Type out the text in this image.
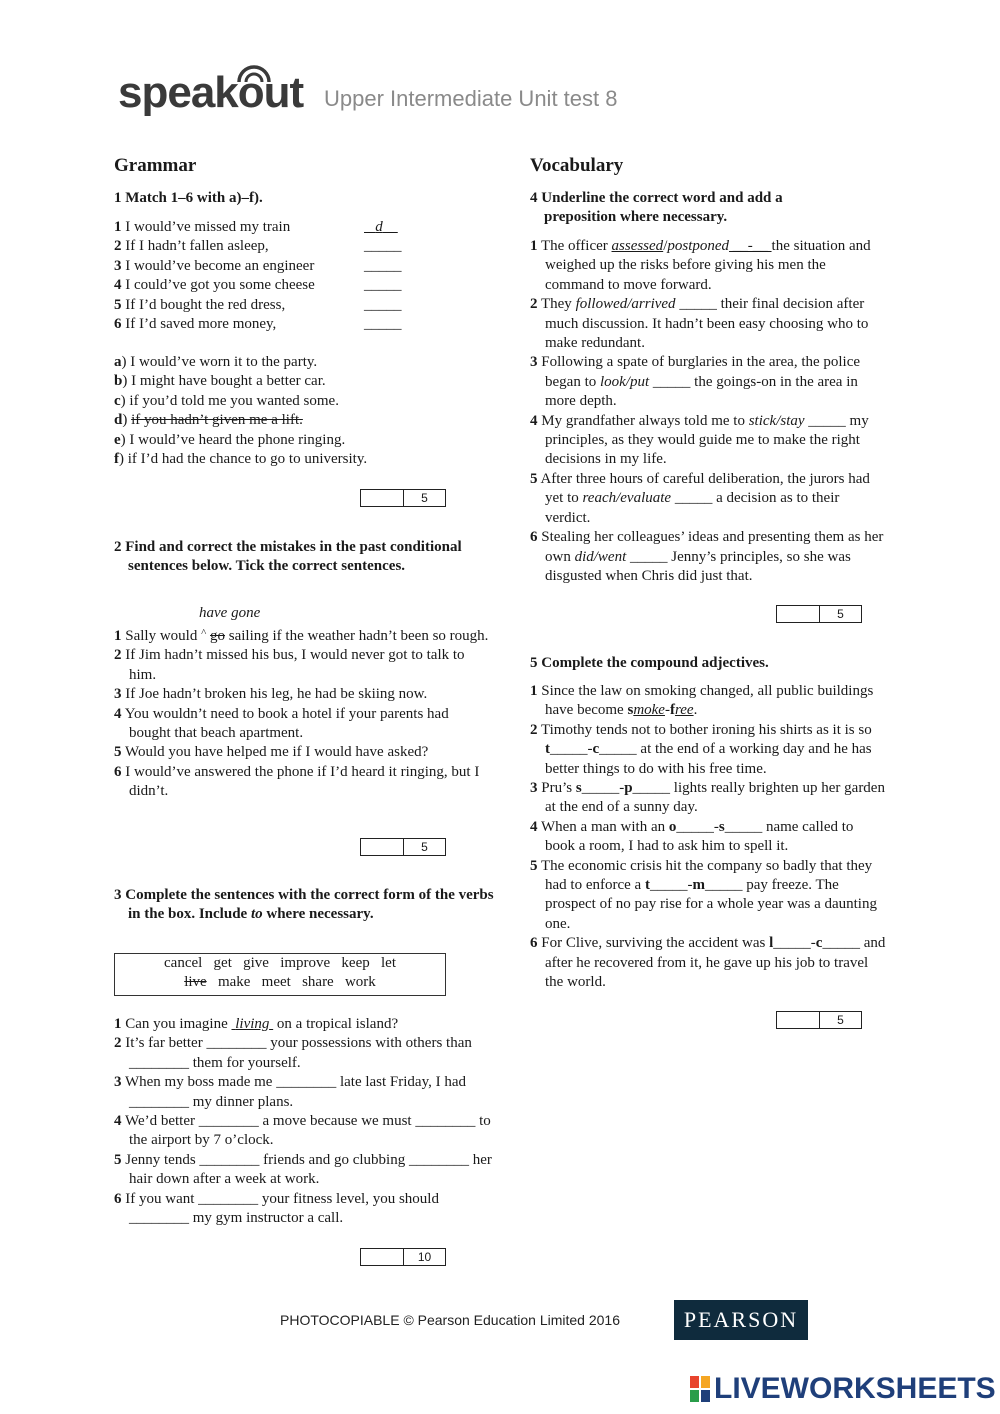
speakout Upper Intermediate Unit test 8
Grammar
1 Match 1–6 with a)–f).
1 I would’ve missed my train	d
2 If I hadn’t fallen asleep,	_____
3 I would’ve become an engineer	_____
4 I could’ve got you some cheese	_____
5 If I’d bought the red dress,	_____
6 If I’d saved more money,	_____
a) I would’ve worn it to the party.
b) I might have bought a better car.
c) if you’d told me you wanted some.
d) if you hadn’t given me a lift.
e) I would’ve heard the phone ringing.
f) if I’d had the chance to go to university.
5
2 Find and correct the mistakes in the past conditional sentences below. Tick the correct sentences.
have gone
1 Sally would ^ go sailing if the weather hadn’t been so rough.
2 If Jim hadn’t missed his bus, I would never got to talk to him.
3 If Joe hadn’t broken his leg, he had be skiing now.
4 You wouldn’t need to book a hotel if your parents had bought that beach apartment.
5 Would you have helped me if I would have asked?
6 I would’ve answered the phone if I’d heard it ringing, but I didn’t.
5
3 Complete the sentences with the correct form of the verbs in the box. Include to where necessary.
cancel   get   give   improve   keep   let
live   make   meet   share   work
1 Can you imagine  living  on a tropical island?
2 It’s far better ________ your possessions with others than ________ them for yourself.
3 When my boss made me ________ late last Friday, I had ________ my dinner plans.
4 We’d better ________ a move because we must ________ to the airport by 7 o’clock.
5 Jenny tends ________ friends and go clubbing ________ her hair down after a week at work.
6 If you want ________ your fitness level, you should ________ my gym instructor a call.
10
Vocabulary
4 Underline the correct word and add a preposition where necessary.
1 The officer assessed/postponed __-__ the situation and weighed up the risks before giving his men the command to move forward.
2 They followed/arrived _____ their final decision after much discussion. It hadn’t been easy choosing who to make redundant.
3 Following a spate of burglaries in the area, the police began to look/put _____ the goings-on in the area in more depth.
4 My grandfather always told me to stick/stay _____ my principles, as they would guide me to make the right decisions in my life.
5 After three hours of careful deliberation, the jurors had yet to reach/evaluate _____ a decision as to their verdict.
6 Stealing her colleagues’ ideas and presenting them as her own did/went _____ Jenny’s principles, so she was disgusted when Chris did just that.
5
5 Complete the compound adjectives.
1 Since the law on smoking changed, all public buildings have become smoke-free.
2 Timothy tends not to bother ironing his shirts as it is so t_____-c_____ at the end of a working day and he has better things to do with his free time.
3 Pru’s s_____-p_____ lights really brighten up her garden at the end of a sunny day.
4 When a man with an o_____-s_____ name called to book a room, I had to ask him to spell it.
5 The economic crisis hit the company so badly that they had to enforce a t_____-m_____ pay freeze. The prospect of no pay rise for a whole year was a daunting one.
6 For Clive, surviving the accident was l_____-c_____ and after he recovered from it, he gave up his job to travel the world.
5
PHOTOCOPIABLE © Pearson Education Limited 2016	PEARSON
LIVEWORKSHEETS
